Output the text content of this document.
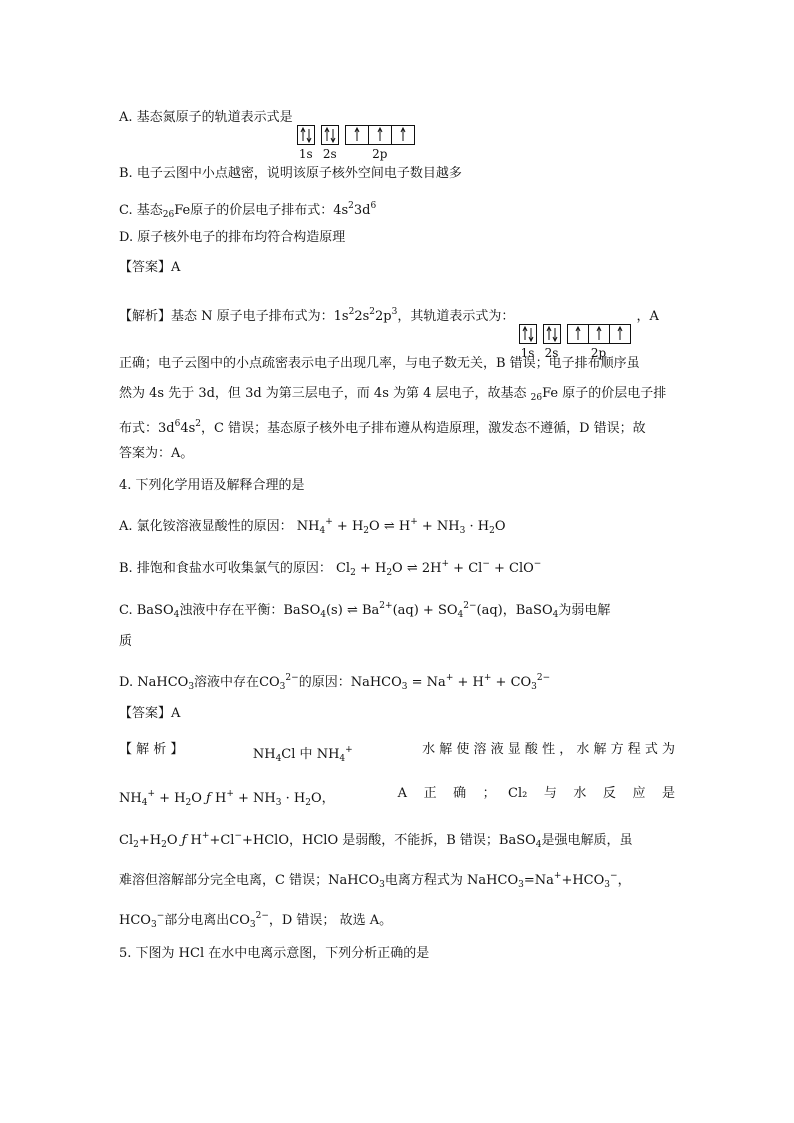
A. 基态氮原子的轨道表示式是
1s 2s	2p
B. 电子云图中小点越密，说明该原子核外空间电子数目越多
C. 基态$_{26}$Fe原子的价层电子排布式：$4s^23d^6$
D. 原子核外电子的排布均符合构造原理
【答案】A
【解析】基态 N 原子电子排布式为：$1s^22s^22p^3$，其轨道表示式为：
1s 2s	2p
，A
正确；电子云图中的小点疏密表示电子出现几率，与电子数无关，B 错误；电子排布顺序虽
然为 4s 先于 3d，但 3d 为第三层电子，而 4s 为第 4 层电子，故基态 $_{26}$Fe 原子的价层电子排
布式：$3d^64s^2$，C 错误；基态原子核外电子排布遵从构造原理，激发态不遵循，D 错误；故
答案为：A。
4. 下列化学用语及解释合理的是
A. 氯化铵溶液显酸性的原因： $NH_4^+ + H_2O$ ⇌ $H^+ + NH_3 \cdot H_2O$
B. 排饱和食盐水可收集氯气的原因： $Cl_2 + H_2O$ ⇌ 2H+ + Cl− + ClO−
C. BaSO$_4$浊液中存在平衡：BaSO$_4$(s) ⇌ $Ba^{2+}(aq) + SO_4^{2-}(aq)$，BaSO$_4$为弱电解
质
D. NaHCO$_3$溶液中存在$CO_3^{2-}$的原因：NaHCO$_3$ = $Na^+ + H^+ + CO_3^{2-}$
【答案】A
【 解 析 】	$NH_4Cl$ 中 $NH_4^+$	水 解 使 溶 液 显 酸 性 ， 水 解 方 程 式 为
$NH_4^+ + H_2O$ ƒ $H^+ + NH_3 \cdot H_2O$，	A    正    确    ；   Cl₂    与    水    反    应    是
$Cl_2+H_2O$ ƒ H++Cl−+HClO，HClO 是弱酸，不能拆，B 错误；BaSO$_4$是强电解质，虽
难溶但溶解部分完全电离，C 错误；NaHCO$_3$电离方程式为 $NaHCO_3=Na^++HCO_3^-$，
$HCO_3^-$部分电离出$CO_3^{2-}$，D 错误； 故选 A。
5. 下图为 HCl 在水中电离示意图，下列分析正确的是
